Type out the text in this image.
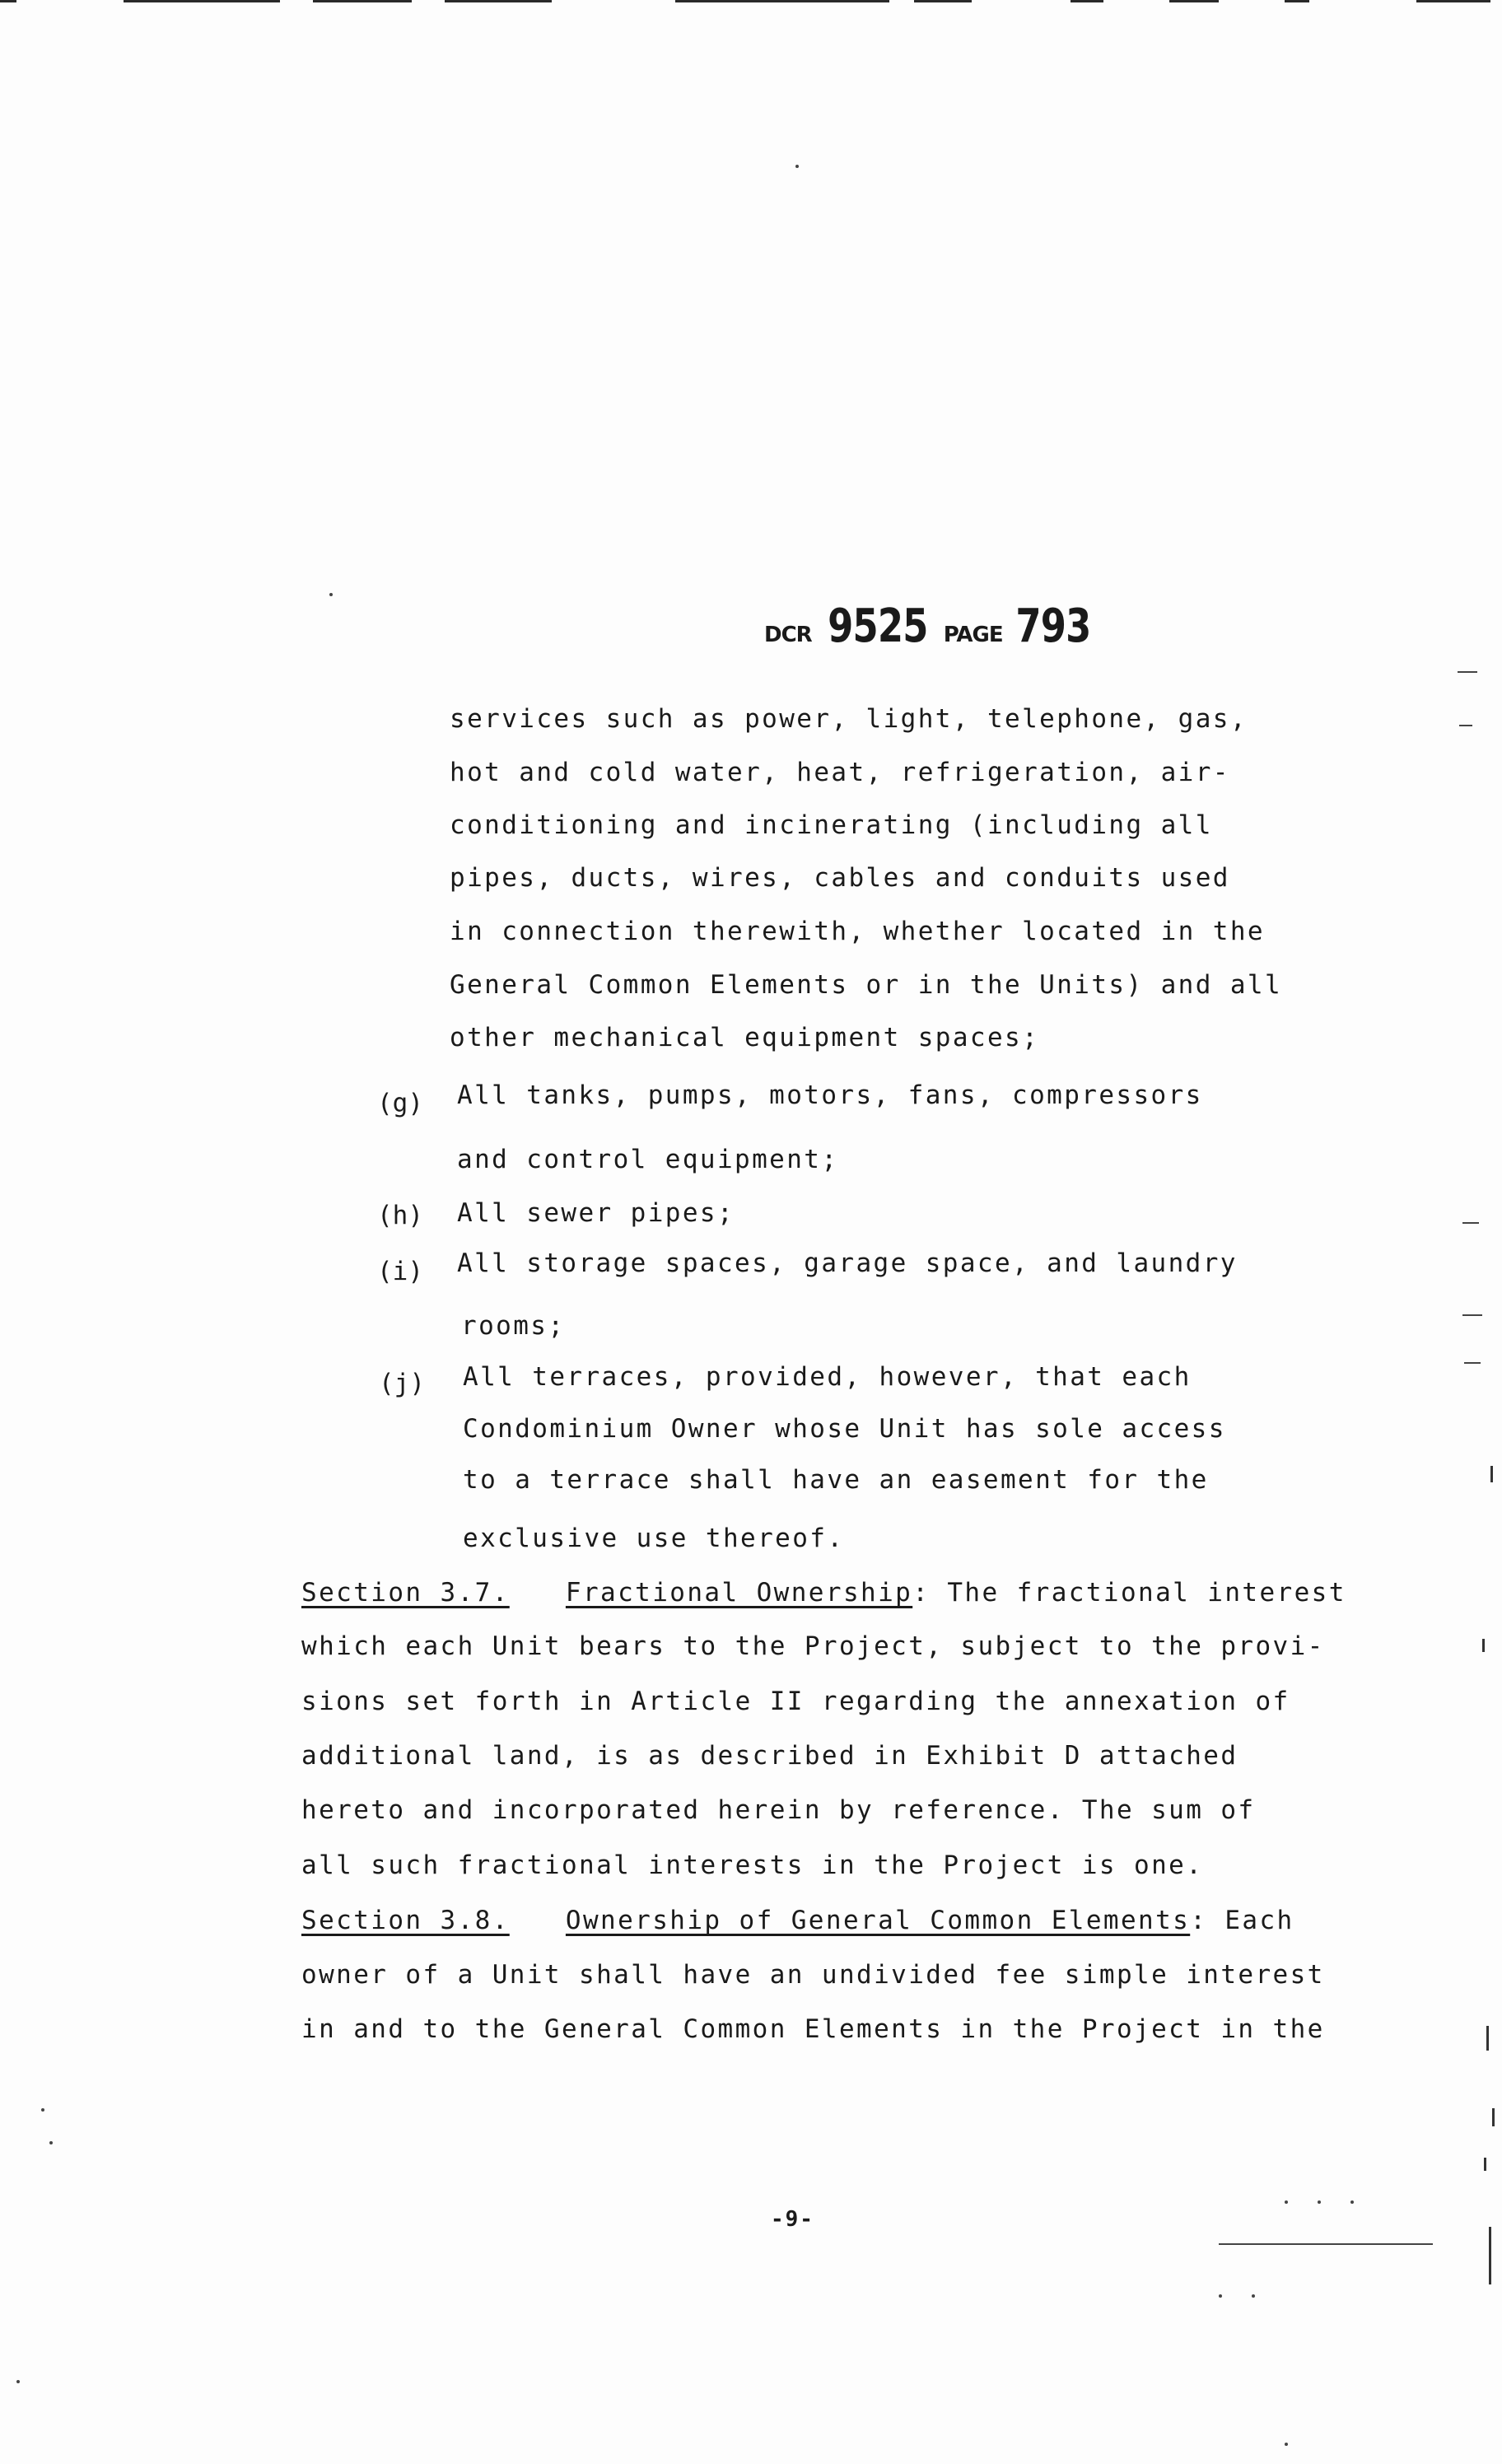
DCR 9525 PAGE 793
services such as power, light, telephone, gas,
hot and cold water, heat, refrigeration, air-
conditioning and incinerating (including all
pipes, ducts, wires, cables and conduits used
in connection therewith, whether located in the
General Common Elements or in the Units) and all
other mechanical equipment spaces;
(g) All tanks, pumps, motors, fans, compressors
and control equipment;
(h) All sewer pipes;
(i) All storage spaces, garage space, and laundry
rooms;
(j) All terraces, provided, however, that each
Condominium Owner whose Unit has sole access
to a terrace shall have an easement for the
exclusive use thereof.
Section 3.7. Fractional Ownership: The fractional interest
which each Unit bears to the Project, subject to the provi-
sions set forth in Article II regarding the annexation of
additional land, is as described in Exhibit D attached
hereto and incorporated herein by reference. The sum of
all such fractional interests in the Project is one.
Section 3.8. Ownership of General Common Elements: Each
owner of a Unit shall have an undivided fee simple interest
in and to the General Common Elements in the Project in the
-9-
